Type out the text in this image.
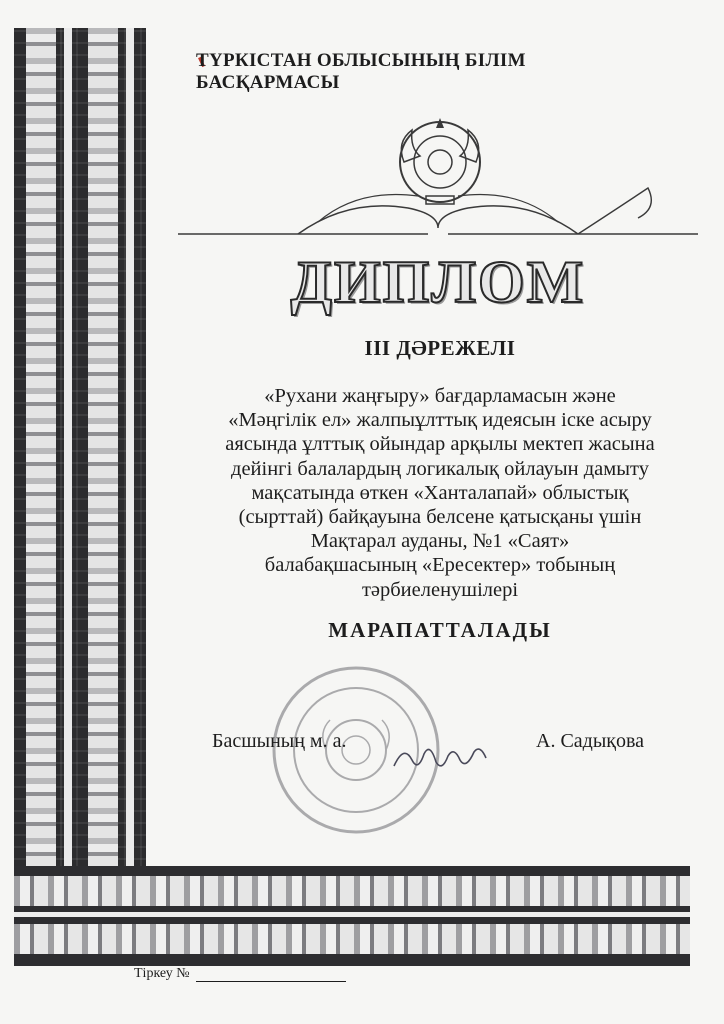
ТҮРКІСТАН ОБЛЫСЫНЫҢ БІЛІМ БАСҚАРМАСЫ
ДИПЛОМ
III ДӘРЕЖЕЛІ
«Рухани жаңғыру» бағдарламасын және
«Мәңгілік ел» жалпыұлттық идеясын іске асыру
аясында ұлттық ойындар арқылы мектеп жасына
дейінгі балалардың логикалық ойлауын дамыту
мақсатында өткен «Ханталапай» облыстық
(сырттай) байқауына белсене қатысқаны үшін
Мақтарал ауданы, №1 «Саят»
балабақшасының «Ересектер» тобының
тәрбиеленушілері
МАРАПАТТАЛАДЫ
Басшының м. а.	А. Садықова
Тіркеу №
